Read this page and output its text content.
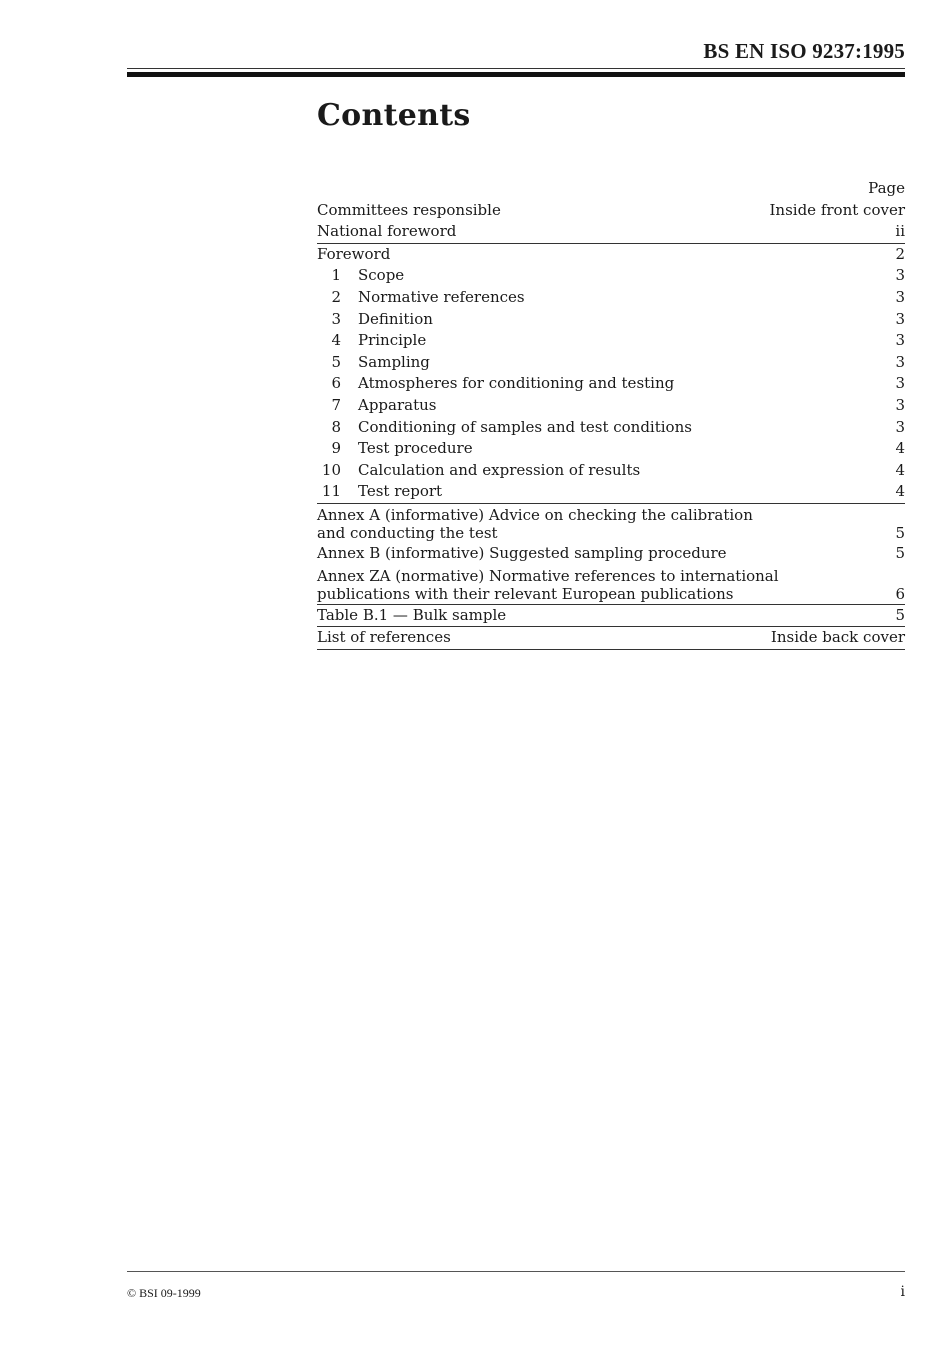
BS EN ISO 9237:1995
Contents
Page
Committees responsible	Inside front cover
National foreword	ii
Foreword	2
1 Scope	3
2 Normative references	3
3 Definition	3
4 Principle	3
5 Sampling	3
6 Atmospheres for conditioning and testing	3
7 Apparatus	3
8 Conditioning of samples and test conditions	3
9 Test procedure	4
10 Calculation and expression of results	4
11 Test report	4
Annex A (informative) Advice on checking the calibration
and conducting the test	5
Annex B (informative) Suggested sampling procedure	5
Annex ZA (normative) Normative references to international
publications with their relevant European publications	6
Table B.1 — Bulk sample	5
List of references	Inside back cover
© BSI 09-1999	i
